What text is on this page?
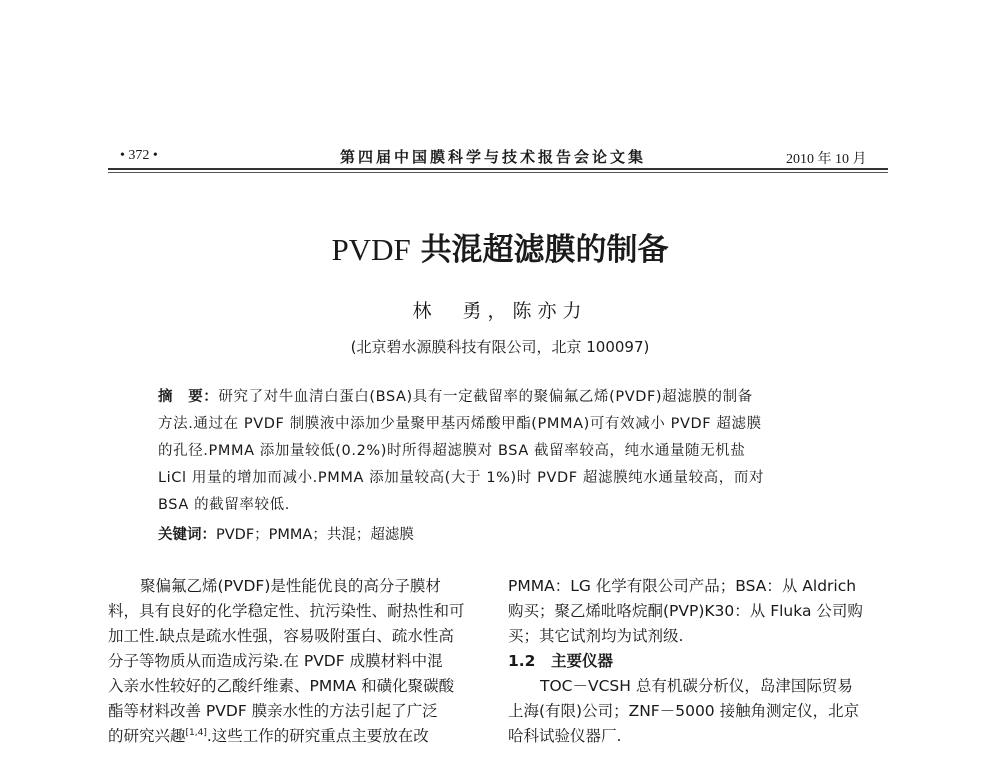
• 372 •	第四届中国膜科学与技术报告会论文集	2010 年 10 月
PVDF 共混超滤膜的制备
林　勇，陈亦力
(北京碧水源膜科技有限公司，北京 100097)
摘　要：研究了对牛血清白蛋白(BSA)具有一定截留率的聚偏氟乙烯(PVDF)超滤膜的制备
方法.通过在 PVDF 制膜液中添加少量聚甲基丙烯酸甲酯(PMMA)可有效减小 PVDF 超滤膜
的孔径.PMMA 添加量较低(0.2%)时所得超滤膜对 BSA 截留率较高，纯水通量随无机盐
LiCl 用量的增加而减小.PMMA 添加量较高(大于 1%)时 PVDF 超滤膜纯水通量较高，而对
BSA 的截留率较低.
关键词：PVDF；PMMA；共混；超滤膜
聚偏氟乙烯(PVDF)是性能优良的高分子膜材
料，具有良好的化学稳定性、抗污染性、耐热性和可
加工性.缺点是疏水性强，容易吸附蛋白、疏水性高
分子等物质从而造成污染.在 PVDF 成膜材料中混
入亲水性较好的乙酸纤维素、PMMA 和磺化聚碳酸
酯等材料改善 PVDF 膜亲水性的方法引起了广泛
的研究兴趣[1,4].这些工作的研究重点主要放在改
PMMA：LG 化学有限公司产品；BSA：从 Aldrich
购买；聚乙烯吡咯烷酮(PVP)K30：从 Fluka 公司购
买；其它试剂均为试剂级.
1.2　主要仪器
TOC－VCSH 总有机碳分析仪，岛津国际贸易
上海(有限)公司；ZNF－5000 接触角测定仪，北京
哈科试验仪器厂.
